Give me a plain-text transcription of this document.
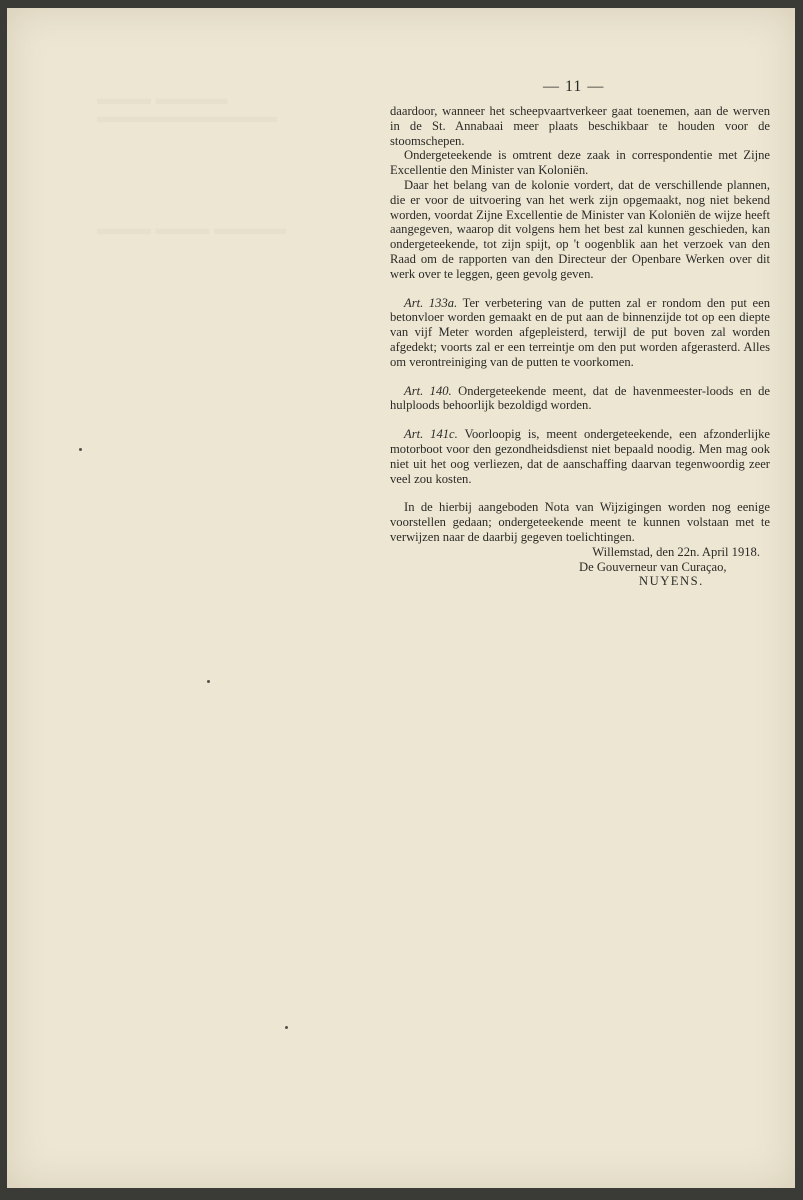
▬▬▬ ▬▬▬▬
▬▬▬▬▬▬▬▬▬▬
▬▬▬ ▬▬▬ ▬▬▬▬
— 11 —

daardoor, wanneer het scheepvaartverkeer gaat toenemen, aan de werven in de St. Annabaai meer plaats beschikbaar te houden voor de stoomschepen.

Ondergeteekende is omtrent deze zaak in correspondentie met Zijne Excellentie den Minister van Koloniën.

Daar het belang van de kolonie vordert, dat de verschillende plannen, die er voor de uitvoering van het werk zijn opgemaakt, nog niet bekend worden, voordat Zijne Excellentie de Minister van Koloniën de wijze heeft aangegeven, waarop dit volgens hem het best zal kunnen geschieden, kan ondergeteekende, tot zijn spijt, op 't oogenblik aan het verzoek van den Raad om de rapporten van den Directeur der Openbare Werken over dit werk over te leggen, geen gevolg geven.

Art. 133a. Ter verbetering van de putten zal er rondom den put een betonvloer worden gemaakt en de put aan de binnenzijde tot op een diepte van vijf Meter worden afgepleisterd, terwijl de put boven zal worden afgedekt; voorts zal er een terreintje om den put worden afgerasterd. Alles om verontreiniging van de putten te voorkomen.

Art. 140. Ondergeteekende meent, dat de havenmeester-loods en de hulploods behoorlijk bezoldigd worden.

Art. 141c. Voorloopig is, meent ondergeteekende, een afzonderlijke motorboot voor den gezondheidsdienst niet bepaald noodig. Men mag ook niet uit het oog verliezen, dat de aanschaffing daarvan tegenwoordig zeer veel zou kosten.

In de hierbij aangeboden Nota van Wijzigingen worden nog eenige voorstellen gedaan; ondergeteekende meent te kunnen volstaan met te verwijzen naar de daarbij gegeven toelichtingen.

Willemstad, den 22n. April 1918.

De Gouverneur van Curaçao,

NUYENS.
